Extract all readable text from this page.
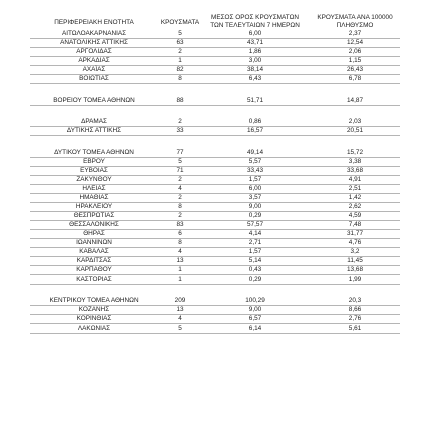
ΠΕΡΙΦΕΡΕΙΑΚΗ ΕΝΟΤΗΤΑ	ΚΡΟΥΣΜΑΤΑ
ΜΕΣΟΣ ΟΡΟΣ ΚΡΟΥΣΜΑΤΩΝ
ΤΩΝ ΤΕΛΕΥΤΑΙΩΝ 7 ΗΜΕΡΩΝ
ΚΡΟΥΣΜΑΤΑ ΑΝΑ 100000
ΠΛΗΘΥΣΜΟ
ΑΙΤΩΛΟΑΚΑΡΝΑΝΙΑΣ	5	6,00	2,37
ΑΝΑΤΟΛΙΚΗΣ ΑΤΤΙΚΗΣ	63	43,71	12,54
ΑΡΓΟΛΙΔΑΣ	2	1,86	2,06
ΑΡΚΑΔΙΑΣ	1	3,00	1,15
ΑΧΑΪΑΣ	82	38,14	26,43
ΒΟΙΩΤΙΑΣ	8	6,43	6,78
ΒΟΡΕΙΟΥ ΤΟΜΕΑ ΑΘΗΝΩΝ	88	51,71	14,87
ΔΡΑΜΑΣ	2	0,86	2,03
ΔΥΤΙΚΗΣ ΑΤΤΙΚΗΣ	33	16,57	20,51
ΔΥΤΙΚΟΥ ΤΟΜΕΑ ΑΘΗΝΩΝ	77	49,14	15,72
ΕΒΡΟΥ	5	5,57	3,38
ΕΥΒΟΙΑΣ	71	33,43	33,68
ΖΑΚΥΝΘΟΥ	2	1,57	4,91
ΗΛΕΙΑΣ	4	6,00	2,51
ΗΜΑΘΙΑΣ	2	3,57	1,42
ΗΡΑΚΛΕΙΟΥ	8	9,00	2,62
ΘΕΣΠΡΩΤΙΑΣ	2	0,29	4,59
ΘΕΣΣΑΛΟΝΙΚΗΣ	83	57,57	7,48
ΘΗΡΑΣ	6	4,14	31,77
ΙΩΑΝΝΙΝΩΝ	8	2,71	4,76
ΚΑΒΑΛΑΣ	4	1,57	3,2
ΚΑΡΔΙΤΣΑΣ	13	5,14	11,45
ΚΑΡΠΑΘΟΥ	1	0,43	13,68
ΚΑΣΤΟΡΙΑΣ	1	0,29	1,99
ΚΕΝΤΡΙΚΟΥ ΤΟΜΕΑ ΑΘΗΝΩΝ	209	100,29	20,3
ΚΟΖΑΝΗΣ	13	9,00	8,66
ΚΟΡΙΝΘΙΑΣ	4	6,57	2,76
ΛΑΚΩΝΙΑΣ	5	6,14	5,61
